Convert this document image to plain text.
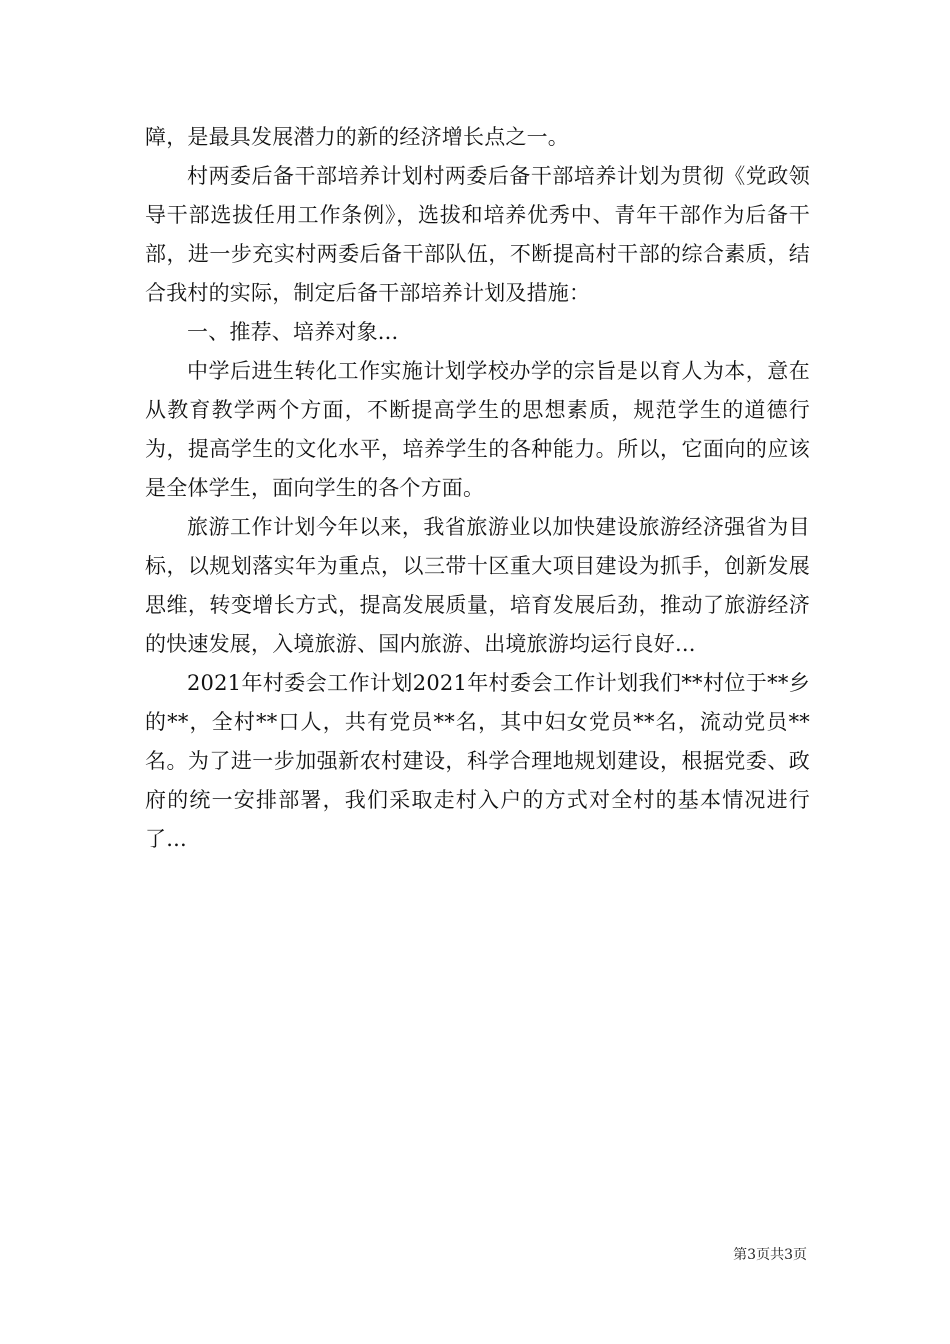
障，是最具发展潜力的新的经济增长点之一。

村两委后备干部培养计划村两委后备干部培养计划为贯彻《党政领导干部选拔任用工作条例》，选拔和培养优秀中、青年干部作为后备干部，进一步充实村两委后备干部队伍，不断提高村干部的综合素质，结合我村的实际，制定后备干部培养计划及措施：

一、推荐、培养对象...

中学后进生转化工作实施计划学校办学的宗旨是以育人为本，意在从教育教学两个方面，不断提高学生的思想素质，规范学生的道德行为，提高学生的文化水平，培养学生的各种能力。所以，它面向的应该是全体学生，面向学生的各个方面。

旅游工作计划今年以来，我省旅游业以加快建设旅游经济强省为目标，以规划落实年为重点，以三带十区重大项目建设为抓手，创新发展思维，转变增长方式，提高发展质量，培育发展后劲，推动了旅游经济的快速发展，入境旅游、国内旅游、出境旅游均运行良好...

2021年村委会工作计划2021年村委会工作计划我们**村位于**乡的**，全村**口人，共有党员**名，其中妇女党员**名，流动党员**名。为了进一步加强新农村建设，科学合理地规划建设，根据党委、政府的统一安排部署，我们采取走村入户的方式对全村的基本情况进行了...

第3页共3页
